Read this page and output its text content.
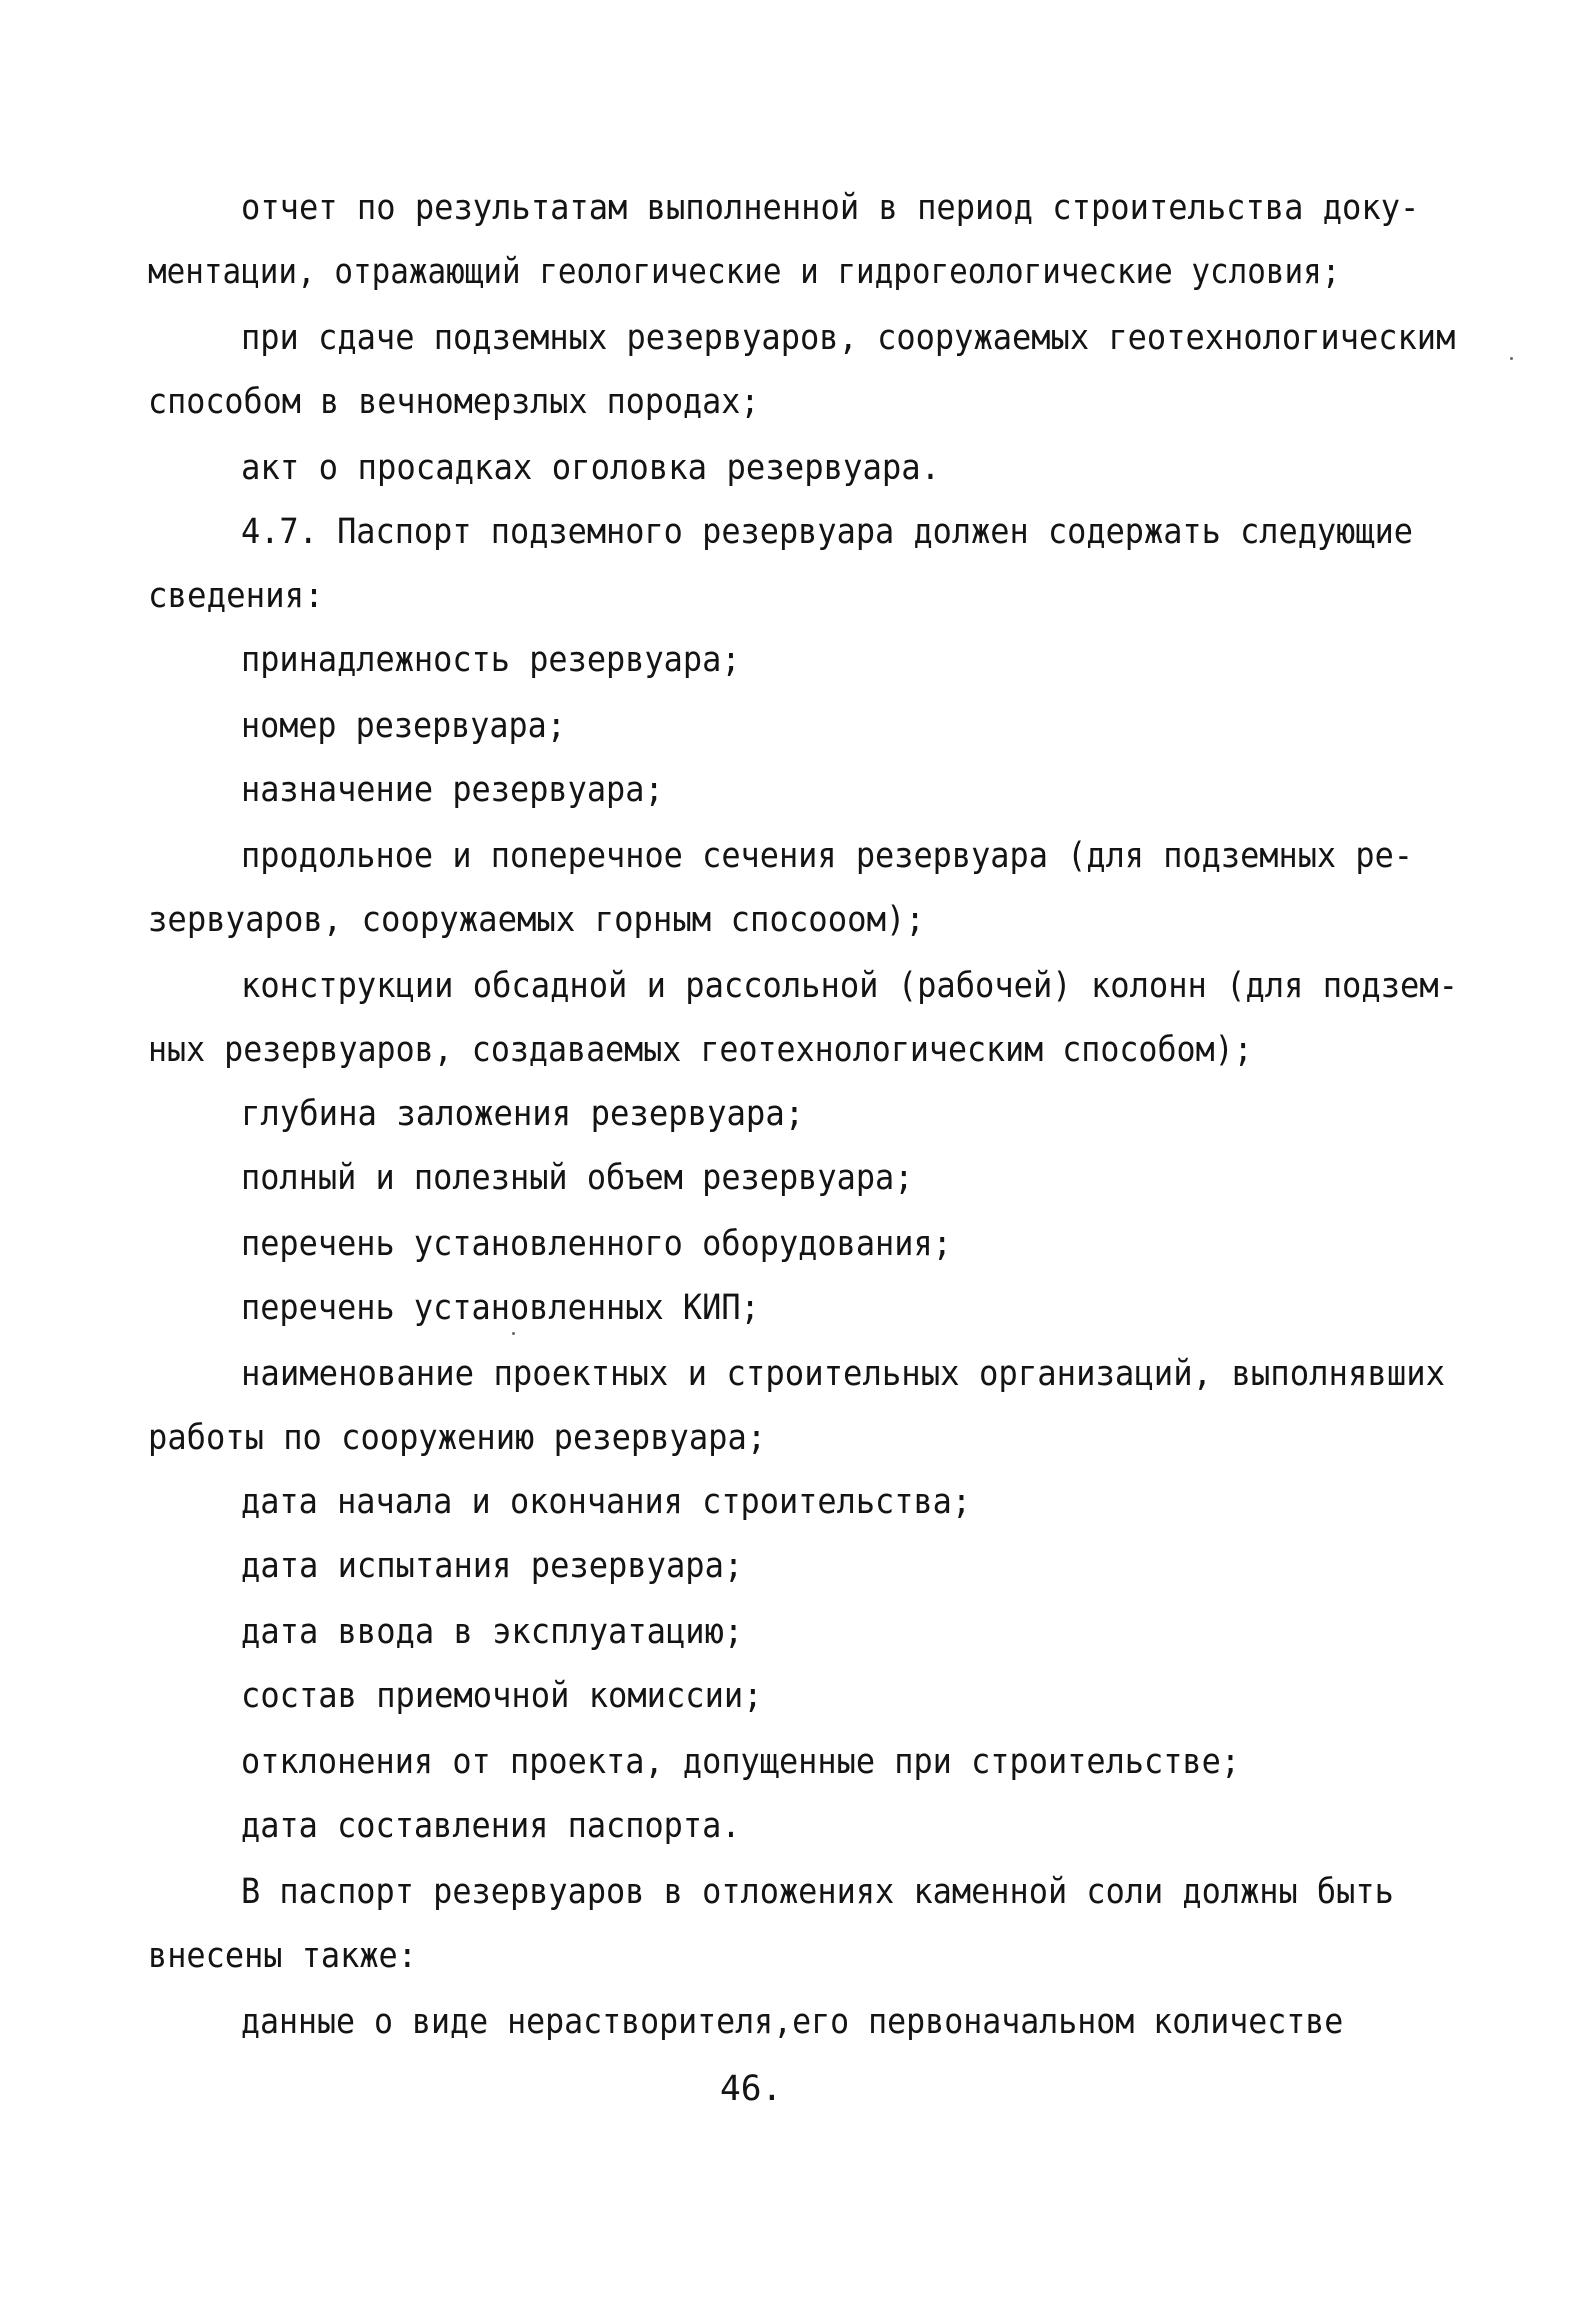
отчет по результатам выполненной в период строительства доку-
ментации, отражающий геологические и гидрогеологические условия;
при сдаче подземных резервуаров, сооружаемых геотехнологическим
способом в вечномерзлых породах;
акт о просадках оголовка резервуара.
4.7. Паспорт подземного резервуара должен содержать следующие
сведения:
принадлежность резервуара;
номер резервуара;
назначение резервуара;
продольное и поперечное сечения резервуара (для подземных ре-
зервуаров, сооружаемых горным спосооом);
конструкции обсадной и рассольной (рабочей) колонн (для подзем-
ных резервуаров, создаваемых геотехнологическим способом);
глубина заложения резервуара;
полный и полезный объем резервуара;
перечень установленного оборудования;
перечень установленных КИП;
наименование проектных и строительных организаций, выполнявших
работы по сооружению резервуара;
дата начала и окончания строительства;
дата испытания резервуара;
дата ввода в эксплуатацию;
состав приемочной комиссии;
отклонения от проекта, допущенные при строительстве;
дата составления паспорта.
В паспорт резервуаров в отложениях каменной соли должны быть
внесены также:
данные о виде нерастворителя,его первоначальном количестве
46.
